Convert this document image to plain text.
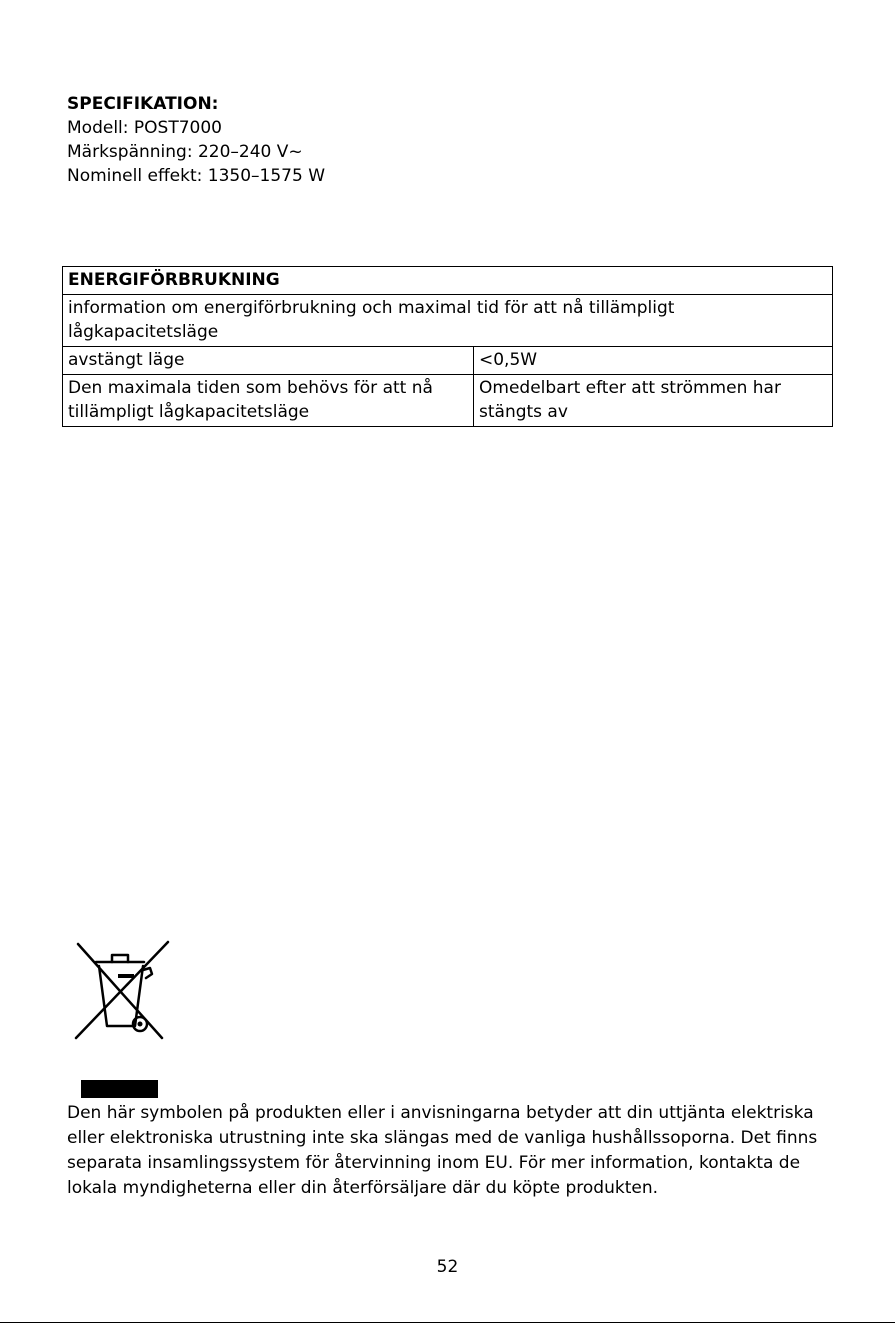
SPECIFIKATION:
Modell: POST7000
Märkspänning: 220–240 V~
Nominell effekt: 1350–1575 W
ENERGIFÖRBRUKNING	
information om energiförbrukning och maximal tid för att nå tillämpligt lågkapacitetsläge	
avstängt läge	<0,5W
Den maximala tiden som behövs för att nå tillämpligt lågkapacitetsläge	Omedelbart efter att strömmen har stängts av
Den här symbolen på produkten eller i anvisningarna betyder att din uttjänta elektriska eller elektroniska utrustning inte ska slängas med de vanliga hushållssoporna. Det finns separata insamlingssystem för återvinning inom EU. För mer information, kontakta de lokala myndigheterna eller din återförsäljare där du köpte produkten.
52
